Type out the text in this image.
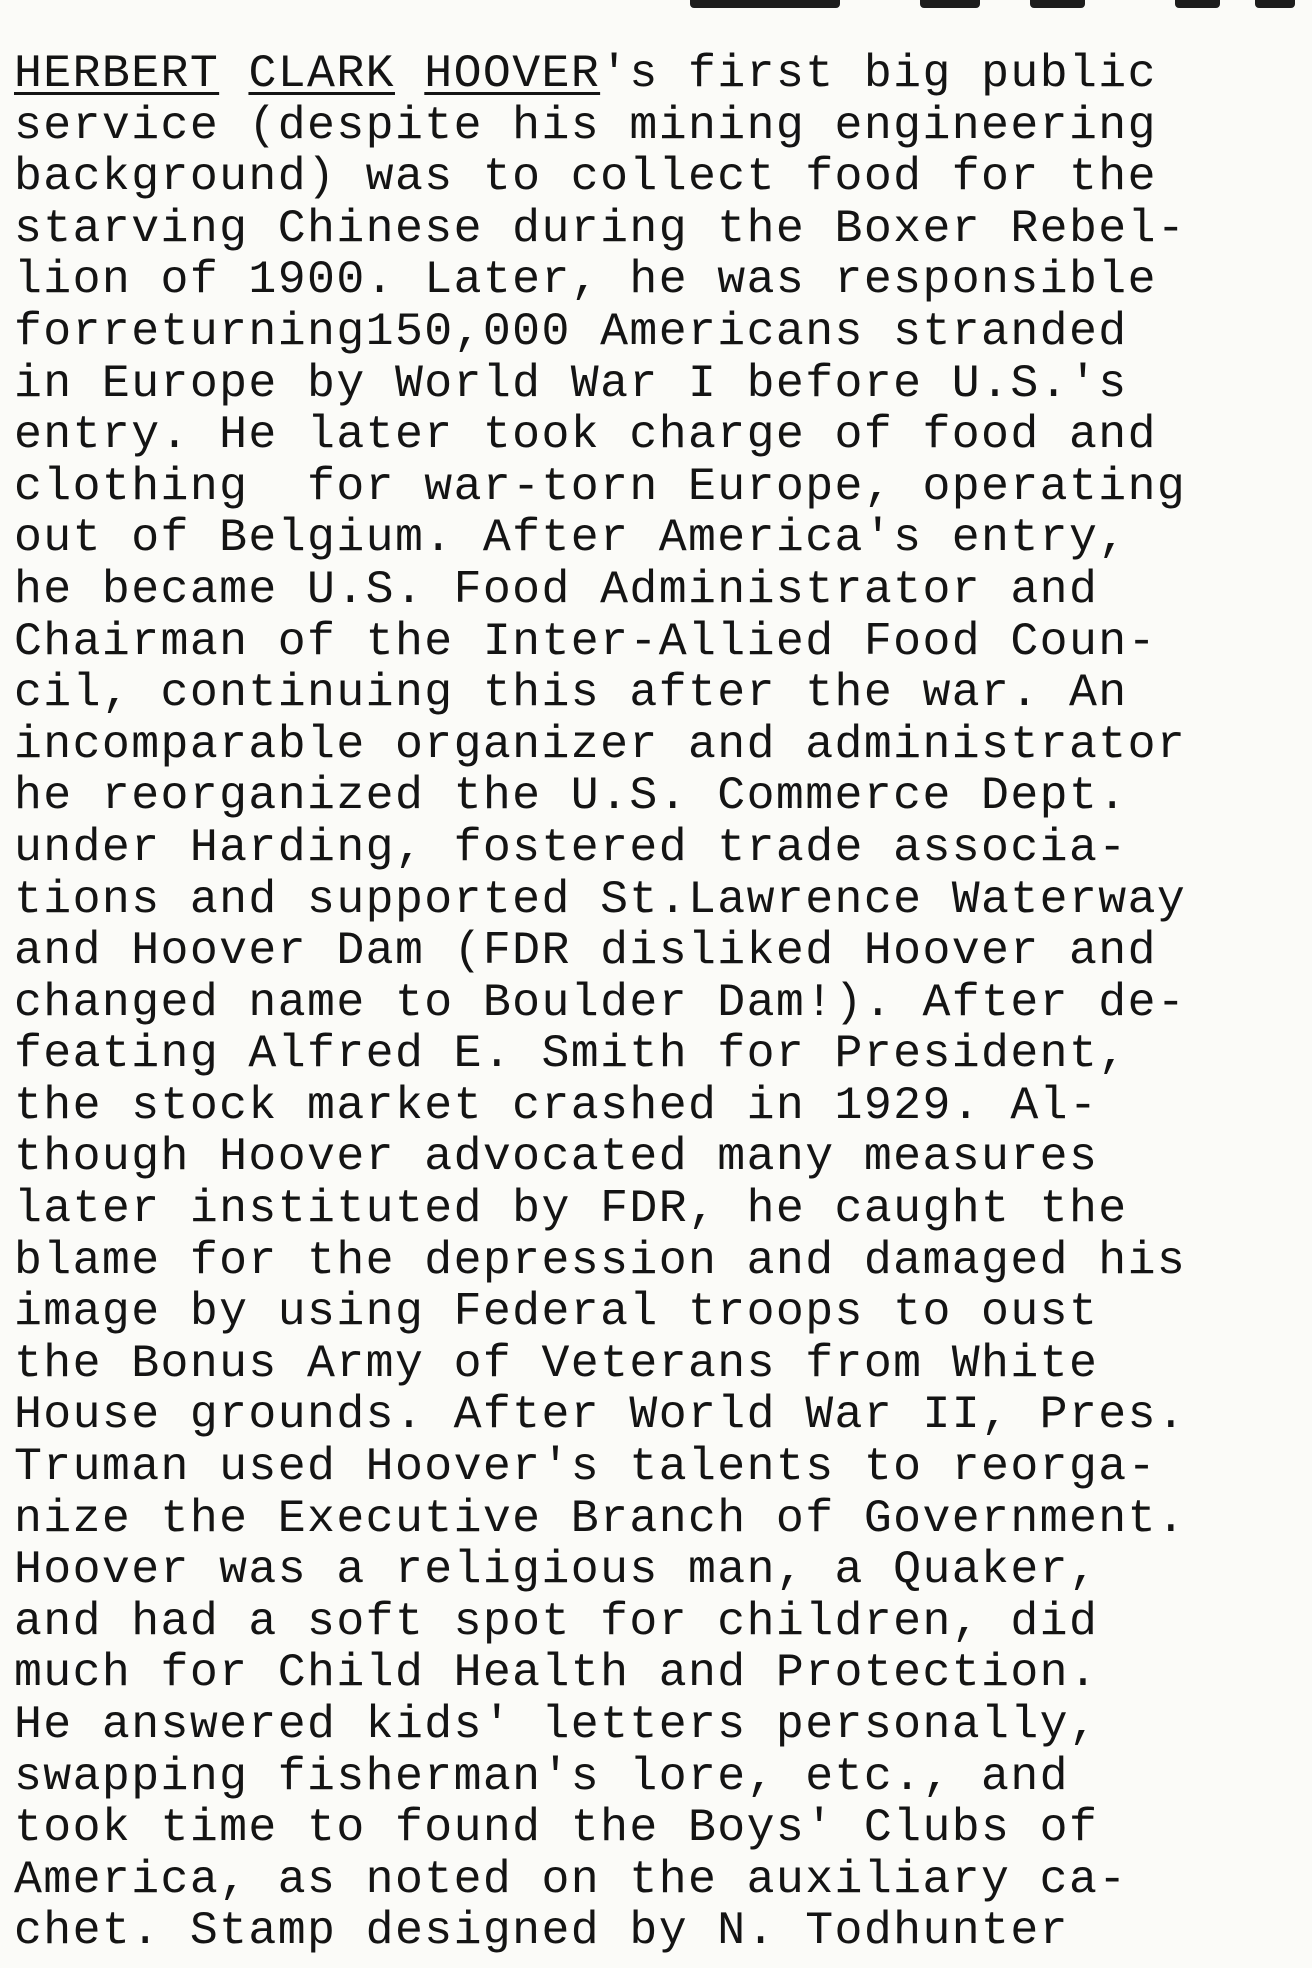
HERBERT CLARK HOOVER's first big public
service (despite his mining engineering
background) was to collect food for the
starving Chinese during the Boxer Rebel-
lion of 1900. Later, he was responsible
forreturning150,000 Americans stranded
in Europe by World War I before U.S.'s
entry. He later took charge of food and
clothing  for war-torn Europe, operating
out of Belgium. After America's entry,
he became U.S. Food Administrator and
Chairman of the Inter-Allied Food Coun-
cil, continuing this after the war. An
incomparable organizer and administrator
he reorganized the U.S. Commerce Dept.
under Harding, fostered trade associa-
tions and supported St.Lawrence Waterway
and Hoover Dam (FDR disliked Hoover and
changed name to Boulder Dam!). After de-
feating Alfred E. Smith for President,
the stock market crashed in 1929. Al-
though Hoover advocated many measures
later instituted by FDR, he caught the
blame for the depression and damaged his
image by using Federal troops to oust
the Bonus Army of Veterans from White
House grounds. After World War II, Pres.
Truman used Hoover's talents to reorga-
nize the Executive Branch of Government.
Hoover was a religious man, a Quaker,
and had a soft spot for children, did
much for Child Health and Protection.
He answered kids' letters personally,
swapping fisherman's lore, etc., and
took time to found the Boys' Clubs of
America, as noted on the auxiliary ca-
chet. Stamp designed by N. Todhunter
